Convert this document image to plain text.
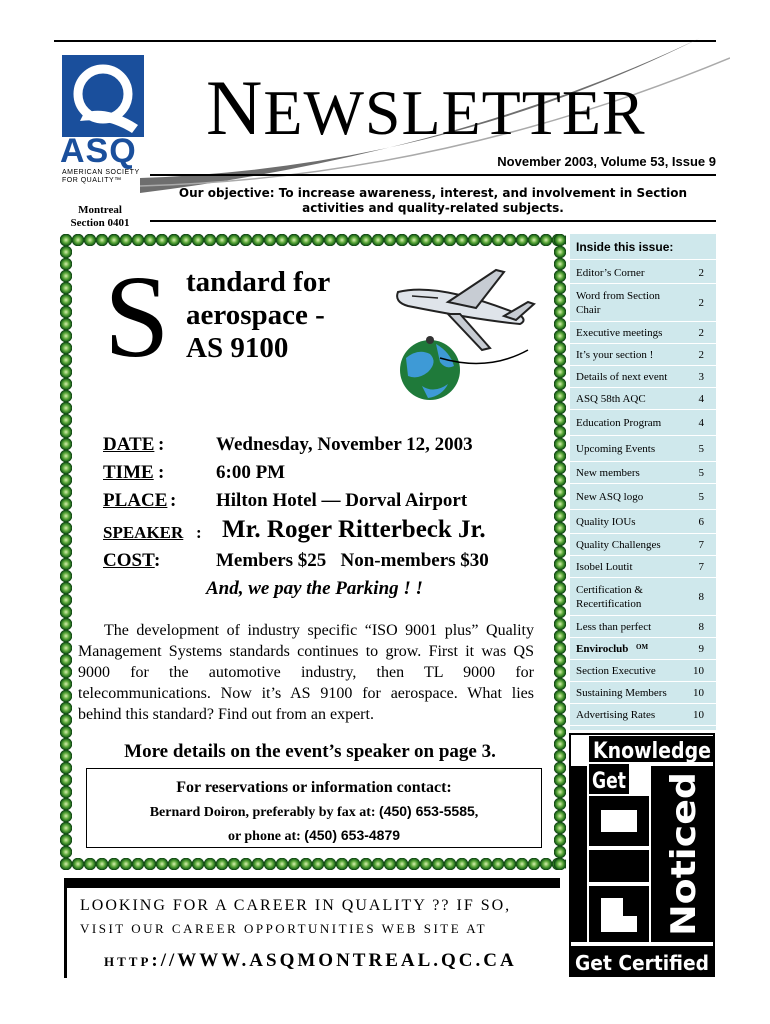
ASQ
AMERICAN SOCIETY FOR QUALITY™
NEWSLETTER
November 2003, Volume 53, Issue 9
Montreal
Section 0401
Our objective: To increase awareness, interest, and involvement in Section activities and quality-related subjects.
S tandard for
aerospace -
AS 9100
DATE :	Wednesday, November 12, 2003
TIME :	6:00 PM
PLACE : Hilton Hotel — Dorval Airport
SPEAKER : Mr. Roger Ritterbeck Jr.
COST :	Members $25   Non-members $30
And, we pay the Parking ! !
The development of industry specific “ISO 9001 plus” Quality Management Systems standards continues to grow. First it was QS 9000 for the automotive industry, then TL 9000 for telecommunications. Now it’s AS 9100 for aerospace. What lies behind this standard? Find out from an expert.
More details on the event’s speaker on page 3.
For reservations or information contact:
Bernard Doiron, preferably by fax at: (450) 653-5585,
or phone at: (450) 653-4879
LOOKING FOR A CAREER IN QUALITY ?? IF SO,
VISIT OUR CAREER OPPORTUNITIES WEB SITE AT
HTTP://WWW.ASQMONTREAL.QC.CA
Inside this issue:
Editor’s Corner	2
Word from Section Chair
2
Executive meetings	2
It’s your section !	2
Details of next event	3
ASQ 58th AQC	4
Education Program	4
Upcoming Events	5
New members	5
New ASQ logo	5
Quality IOUs	6
Quality Challenges	7
Isobel Loutit	7
Certification & Recertification
8
Less than perfect	8
Enviroclub OM	9
Section Executive	10
Sustaining Members	10
Advertising Rates	10
Knowledge
Get
Noticed
Get Certified
